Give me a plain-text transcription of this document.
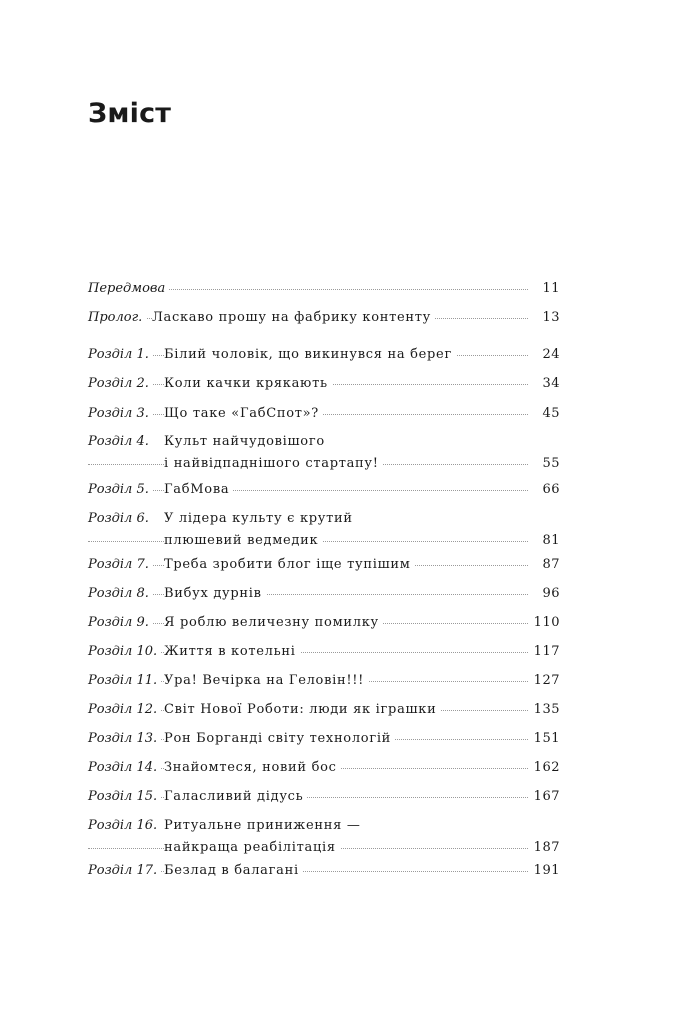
Зміст
Передмова	11
Пролог. Ласкаво прошу на фабрику контенту	13
Розділ 1.	Білий чоловік, що викинувся на берег	24
Розділ 2.	Коли качки крякають	34
Розділ 3.	Що таке «ГабСпот»?	45
Розділ 4.	Культ найчудовішого
і найвідпаднішого стартапу!	55
Розділ 5.	ГабМова	66
Розділ 6.	У лідера культу є крутий
плюшевий ведмедик	81
Розділ 7.	Треба зробити блог іще тупішим	87
Розділ 8.	Вибух дурнів	96
Розділ 9.	Я роблю величезну помилку	110
Розділ 10. Життя в котельні	117
Розділ 11. Ура! Вечірка на Геловін!!!	127
Розділ 12. Світ Нової Роботи: люди як іграшки	135
Розділ 13. Рон Борганді світу технологій	151
Розділ 14. Знайомтеся, новий бос	162
Розділ 15. Галасливий дідусь	167
Розділ 16. Ритуальне приниження —
найкраща реабілітація	187
Розділ 17. Безлад в балагані	191
